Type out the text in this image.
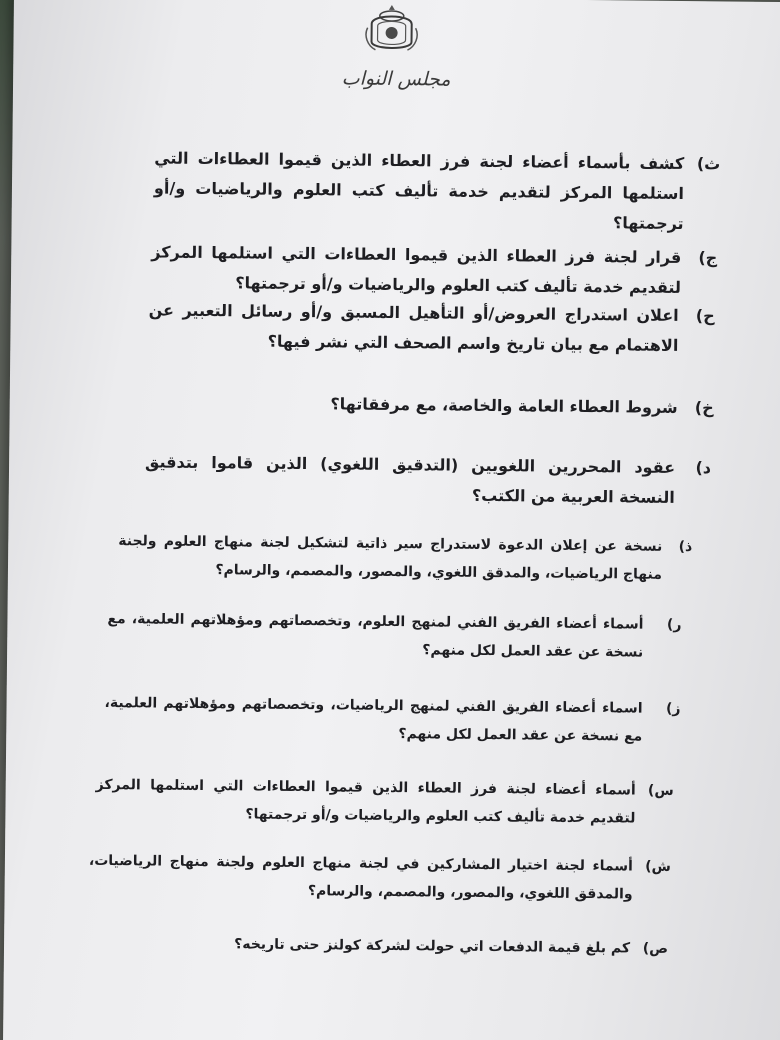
مجلس النواب
ث)
كشف بأسماء أعضاء لجنة فرز العطاء الذين قيموا العطاءات التي استلمها المركز لتقديم خدمة تأليف كتب العلوم والرياضيات و/أو ترجمتها؟
ج)
قرار لجنة فرز العطاء الذين قيموا العطاءات التي استلمها المركز لتقديم خدمة تأليف كتب العلوم والرياضيات و/أو ترجمتها؟
ح)
اعلان استدراج العروض/أو التأهيل المسبق و/أو رسائل التعبير عن الاهتمام مع بيان تاريخ واسم الصحف التي نشر فيها؟
خ)
شروط العطاء العامة والخاصة، مع مرفقاتها؟
د)
عقود المحررين اللغويين (التدقيق اللغوي) الذين قاموا بتدقيق النسخة العربية من الكتب؟
ذ)
نسخة عن إعلان الدعوة لاستدراج سير ذاتية لتشكيل لجنة منهاج العلوم ولجنة منهاج الرياضيات، والمدقق اللغوي، والمصور، والمصمم، والرسام؟
ر)
أسماء أعضاء الفريق الفني لمنهج العلوم، وتخصصاتهم ومؤهلاتهم العلمية، مع نسخة عن عقد العمل لكل منهم؟
ز)
اسماء أعضاء الفريق الفني لمنهج الرياضيات، وتخصصاتهم ومؤهلاتهم العلمية، مع نسخة عن عقد العمل لكل منهم؟
س)
أسماء أعضاء لجنة فرز العطاء الذين قيموا العطاءات التي استلمها المركز لتقديم خدمة تأليف كتب العلوم والرياضيات و/أو ترجمتها؟
ش)
أسماء لجنة اختيار المشاركين في لجنة منهاج العلوم ولجنة منهاج الرياضيات، والمدقق اللغوي، والمصور، والمصمم، والرسام؟
ص)
كم بلغ قيمة الدفعات اتي حولت لشركة كولنز حتى تاريخه؟
